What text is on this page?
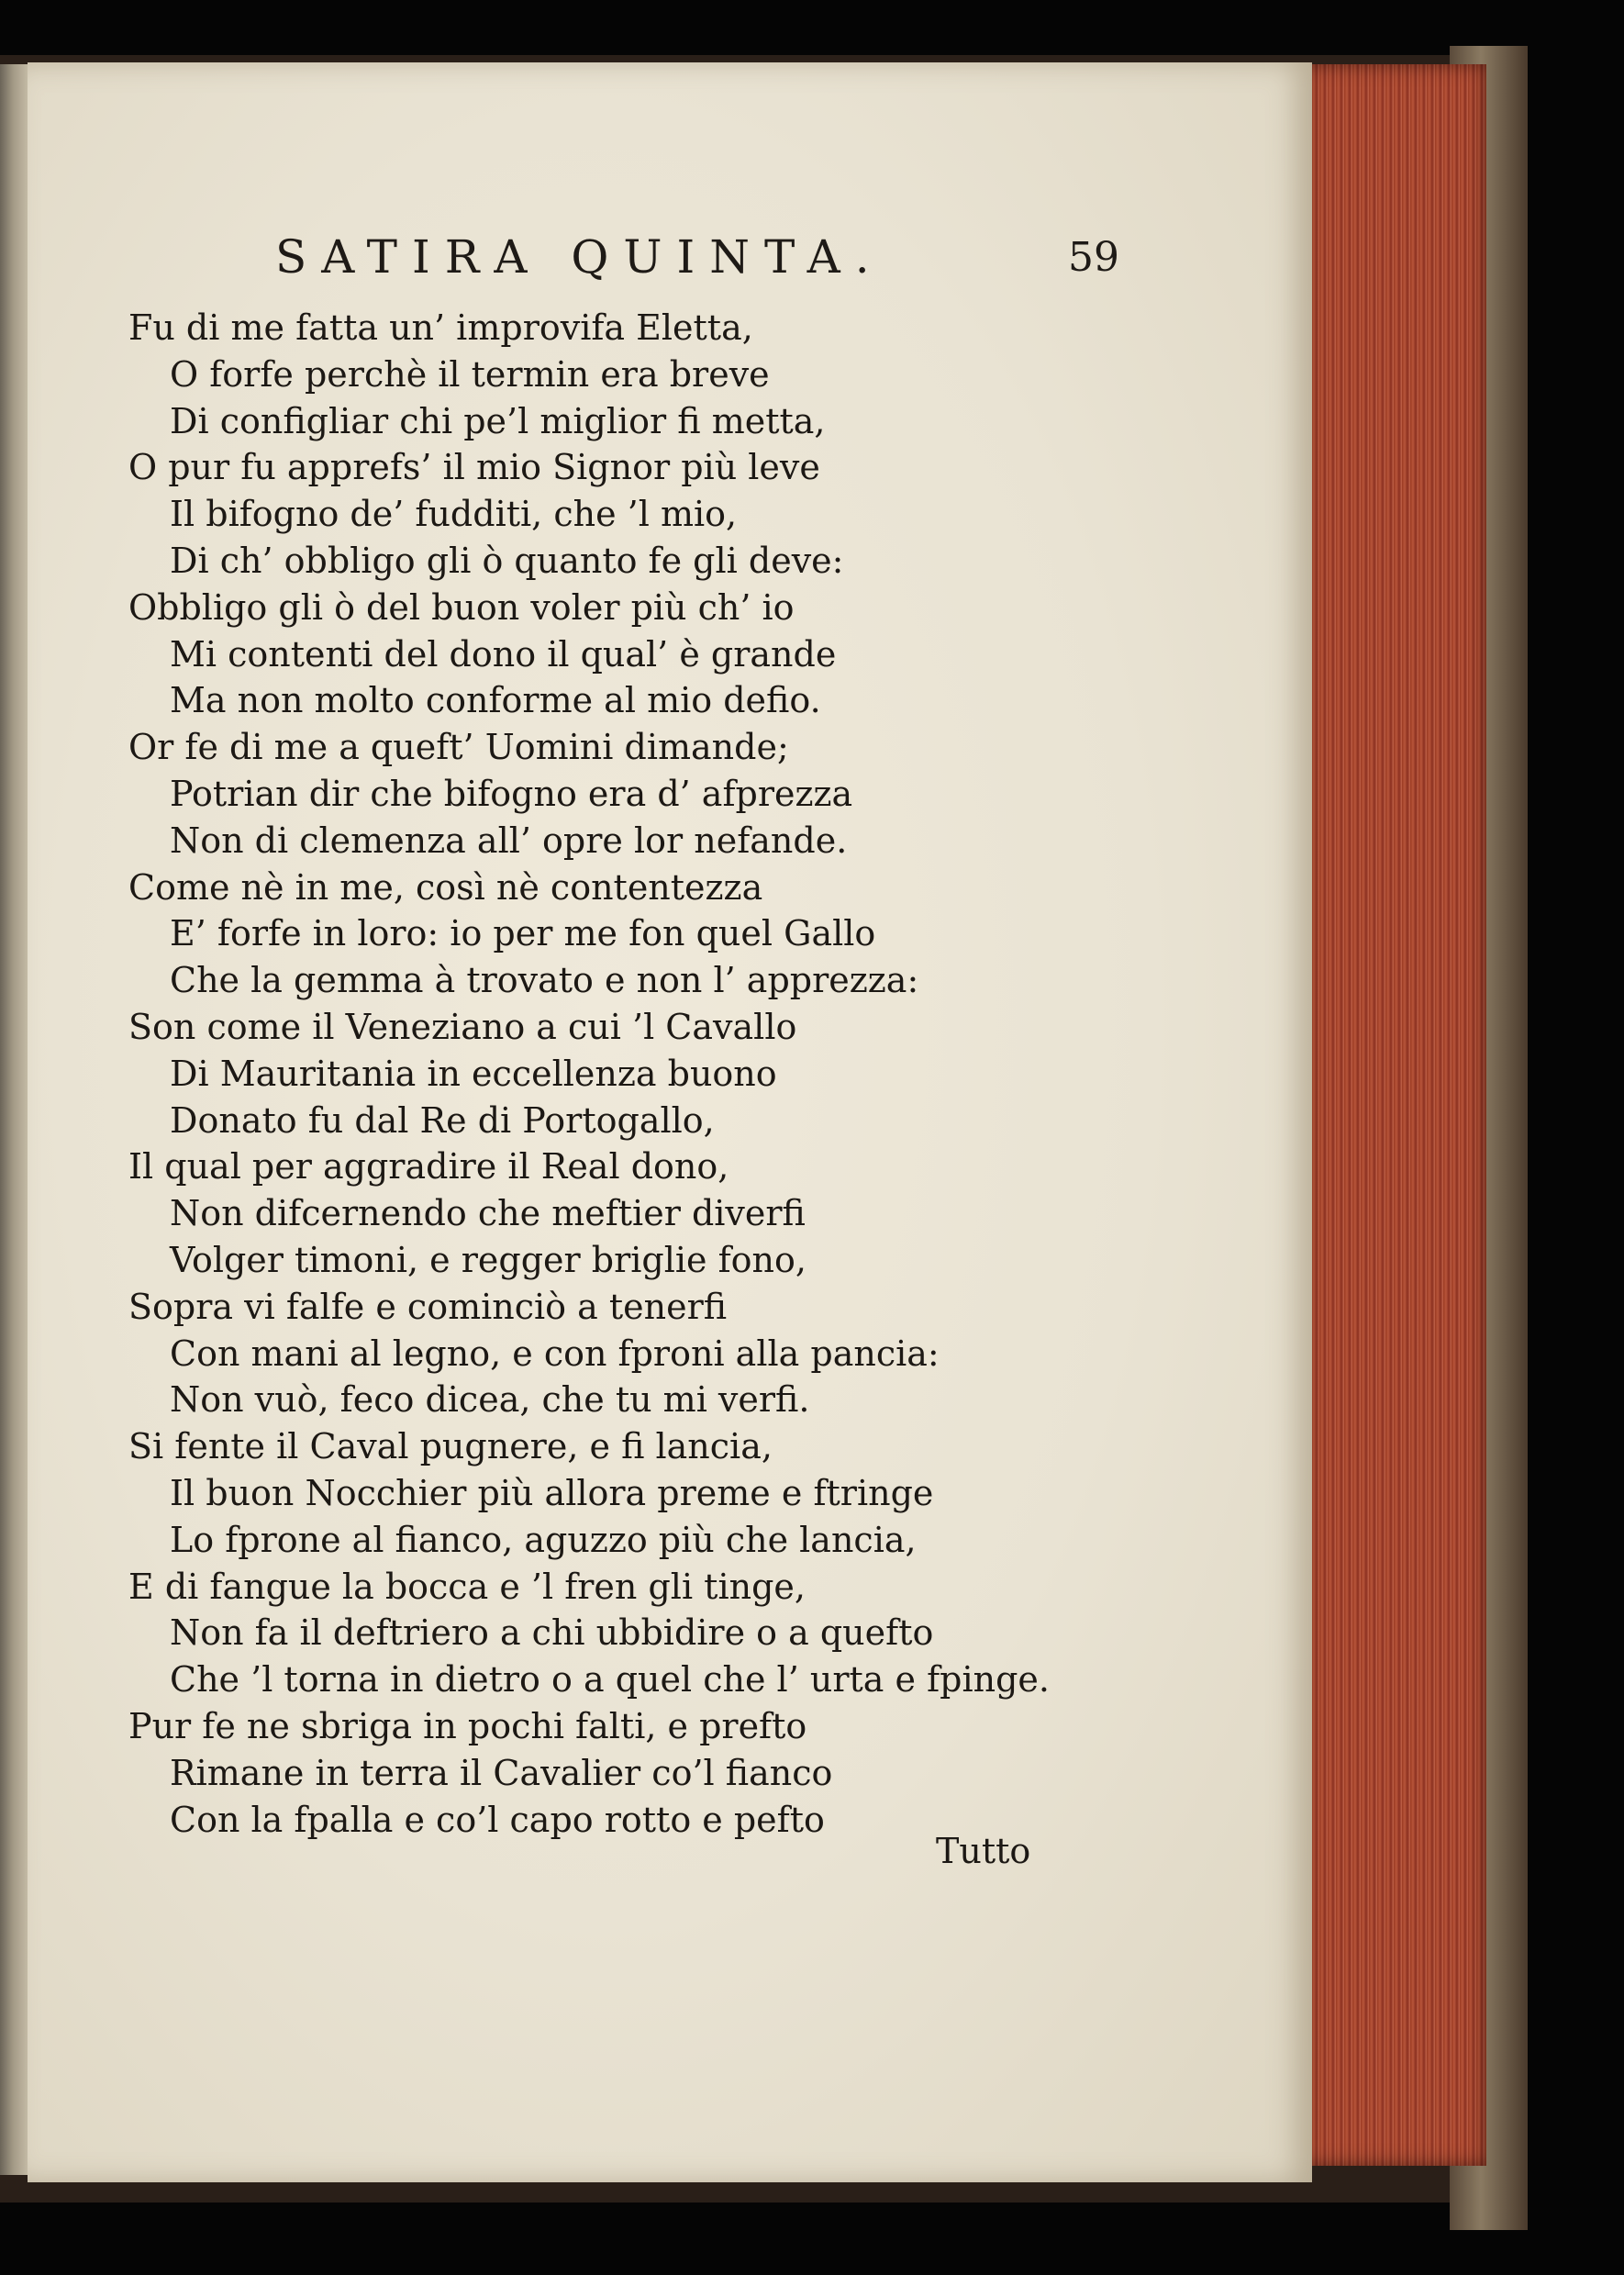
SATIRA QUINTA.	59
Fu di me fatta un’ improvifa Eletta,
O forfe perchè il termin era breve
Di configliar chi pe’l miglior fi metta,
O pur fu apprefs’ il mio Signor più leve
Il bifogno de’ fudditi, che ’l mio,
Di ch’ obbligo gli ò quanto fe gli deve:
Obbligo gli ò del buon voler più ch’ io
Mi contenti del dono il qual’ è grande
Ma non molto conforme al mio defio.
Or fe di me a queft’ Uomini dimande;
Potrian dir che bifogno era d’ afprezza
Non di clemenza all’ opre lor nefande.
Come nè in me, così nè contentezza
E’ forfe in loro: io per me fon quel Gallo
Che la gemma à trovato e non l’ apprezza:
Son come il Veneziano a cui ’l Cavallo
Di Mauritania in eccellenza buono
Donato fu dal Re di Portogallo,
Il qual per aggradire il Real dono,
Non difcernendo che meftier diverfi
Volger timoni, e regger briglie fono,
Sopra vi falfe e cominciò a tenerfi
Con mani al legno, e con fproni alla pancia:
Non vuò, feco dicea, che tu mi verfi.
Si fente il Caval pugnere, e fi lancia,
Il buon Nocchier più allora preme e ftringe
Lo fprone al fianco, aguzzo più che lancia,
E di fangue la bocca e ’l fren gli tinge,
Non fa il deftriero a chi ubbidire o a quefto
Che ’l torna in dietro o a quel che l’ urta e fpinge.
Pur fe ne sbriga in pochi falti, e prefto
Rimane in terra il Cavalier co’l fianco
Con la fpalla e co’l capo rotto e pefto
Tutto
